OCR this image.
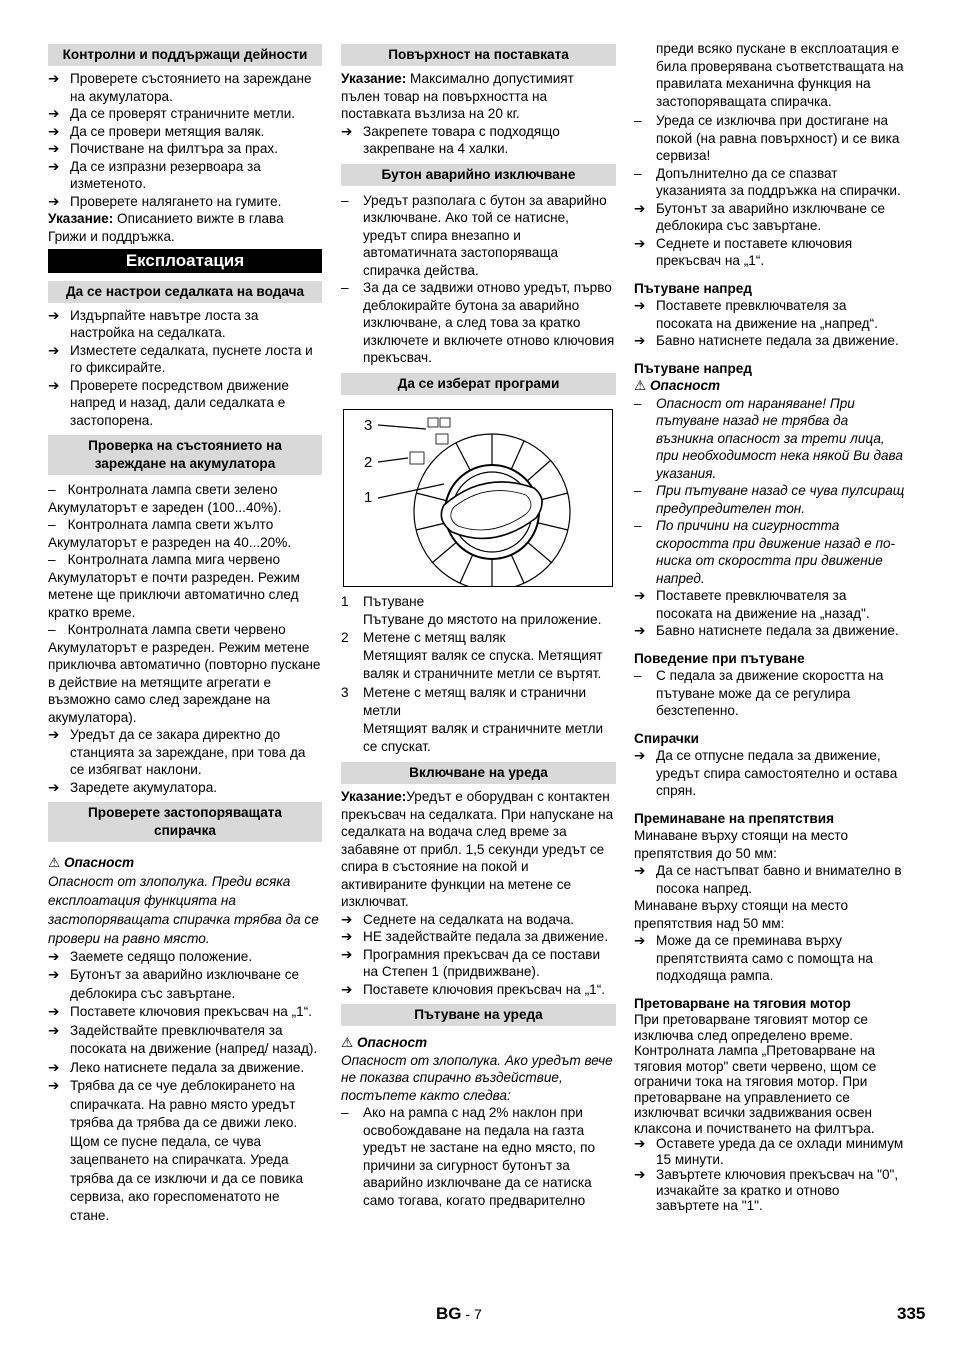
Контролни и поддържащи дейности
➔ Проверете състоянието на зареждане на акумулатора.
➔ Да се проверят страничните метли.
➔ Да се провери метящия валяк.
➔ Почистване на филтъра за прах.
➔ Да се изпразни резервоара за изметеното.
➔ Проверете наляганeто на гумите.
Указание: Описанието вижте в глава Грижи и поддръжка.
Експлоатация
Да се настрои седалката на водача
➔ Издърпайте навътре лоста за настройка на седалката.
➔ Изместете седалката, пуснете лоста и го фиксирайте.
➔ Проверете посредством движение напред и назад, дали седалката е застопорена.
Проверка на състоянието на зареждане на акумулатора
– Контролната лампа свети зелено
Акумулаторът е зареден (100...40%).
– Контролната лампа свети жълто
Акумулаторът е разреден на 40...20%.
– Контролната лампа мига червено
Акумулаторът е почти разреден. Режим метене ще приключи автоматично след кратко време.
– Контролната лампа свети червено
Акумулаторът е разреден. Режим метене приключва автоматично (повторно пускане в действие на метящите агрегати е възможно само след зареждане на акумулатора).
➔ Уредът да се закара директно до станцията за зареждане, при това да се избягват наклони.
➔ Заредете акумулатора.
Проверете застопоряващата спирачка
⚠ Опасност
Опасност от злополука. Преди всяка експлоатация функцията на застопоряващата спирачка трябва да се провери на равно място.
➔ Заемете седящо положение.
➔ Бутонът за аварийно изключване се деблокира със завъртане.
➔ Поставете ключовия прекъсвач на „1“.
➔ Задействайте превключвателя за посоката на движение (напред/ назад).
➔ Леко натиснете педала за движение.
➔ Трябва да се чуе деблокирането на спирачката. На равно място уредът трябва да трябва да се движи леко. Щом се пусне педала, се чува зацепването на спирачката. Уреда трябва да се изключи и да се повика сервиза, ако гореспоменатото не стане.
Повърхност на поставката
Указание: Максимално допустимият пълен товар на повърхността на поставката възлиза на 20 кг.
➔ Закрепете товара с подходящо закрепване на 4 халки.
Бутон аварийно изключване
–	Уредът разполага с бутон за аварийно изключване. Ако той се натисне, уредът спира внезапно и автоматичната застопоряваща спирачка действа.
–	За да се задвижи отново уредът, първо деблокирайте бутона за аварийно изключване, а след това за кратко изключете и включете отново ключовия прекъсвач.
Да се изберат програми
3
2
1
1	Пътуване
Пътуване до мястото на приложение.
2	Метене с метящ валяк
Метящият валяк се спуска. Метящият валяк и страничните метли се въртят.
3	Метене с метящ валяк и странични метли
Метящият валяк и страничните метли се спускат.
Включване на уреда
Указание:Уредът е оборудван с контактен прекъсвач на седалката. При напускане на седалката на водача след време за забавяне от прибл. 1,5 секунди уредът се спира в състояние на покой и активираните функции на метене се изключват.
➔ Седнете на седалката на водача.
➔ НЕ задействайте педала за движение.
➔ Програмния прекъсвач да се постави на Степен 1 (придвижване).
➔ Поставете ключовия прекъсвач на „1“.
Пътуване на уреда
⚠ Опасност
Опасност от злополука. Ако уредът вече не показва спирачно въздействие, постъпете както следва:
–	Ако на рампа с над 2% наклон при освобождаване на педала на газта уредът не застане на едно място, по причини за сигурност бутонът за аварийно изключване да се натиска само тогава, когато предварително
преди всяко пускане в експлоатация е била проверявана съответстващата на правилата механична функция на застопоряващата спирачка.
–	Уреда се изключва при достигане на покой (на равна повърхност) и се вика сервиза!
–	Допълнително да се спазват указанията за поддръжка на спирачки.
➔ Бутонът за аварийно изключване се деблокира със завъртане.
➔ Седнете и поставете ключовия прекъсвач на „1“.
Пътуване напред
➔ Поставете превключвателя за посоката на движение на „напред“.
➔ Бавно натиснете педала за движение.
Пътуване напред
⚠ Опасност
–	Опасност от нараняване! При пътуване назад не трябва да възникна опасност за трети лица, при необходимост нека някой Ви дава указания.
–	При пътуване назад се чува пулсиращ предупредителен тон.
–	По причини на сигурността скоростта при движение назад е по-ниска от скоростта при движение напред.
➔ Поставете превключвателя за посоката на движение на „назад".
➔ Бавно натиснете педала за движение.
Поведение при пътуване
–	С педала за движение скоростта на пътуване може да се регулира безстепенно.
Спирачки
➔ Да се отпусне педала за движение, уредът спира самостоятелно и остава спрян.
Преминаване на препятствия
Минаване върху стоящи на место препятствия до 50 мм:
➔ Да се настъпват бавно и внимателно в посока напред.
Минаване върху стоящи на место препятствия над 50 мм:
➔ Може да се преминава върху препятствията само с помощта на подходяща рампа.
Претоварване на тяговия мотор
При претоварване тяговият мотор се изключва след определено време. Контролната лампа „Претоварване на тяговия мотор" свети червено, щом се ограничи тока на тяговия мотор. При претоварване на управлението се изключват всички задвижвания освен клаксона и почистването на филтъра.
➔ Оставете уреда да се охлади минимум 15 минути.
➔ Завъртете ключовия прекъсвач на "0", изчакайте за кратко и отново завъртете на "1".
BG - 7	335
